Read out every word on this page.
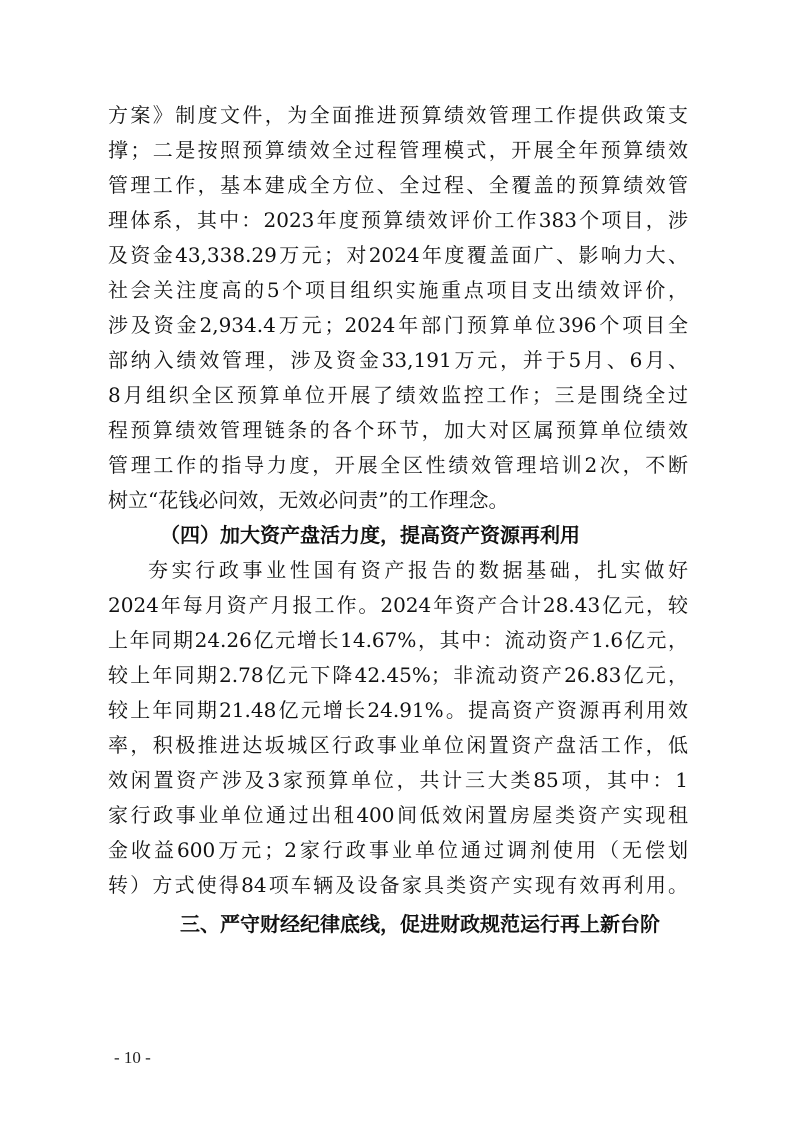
方案》制度文件，为全面推进预算绩效管理工作提供政策支
撑；二是按照预算绩效全过程管理模式，开展全年预算绩效
管理工作，基本建成全方位、全过程、全覆盖的预算绩效管
理体系，其中：2023年度预算绩效评价工作383个项目，涉
及资金43,338.29万元；对2024年度覆盖面广、影响力大、
社会关注度高的5个项目组织实施重点项目支出绩效评价，
涉及资金2,934.4万元；2024年部门预算单位396个项目全
部纳入绩效管理，涉及资金33,191万元，并于5月、6月、
8月组织全区预算单位开展了绩效监控工作；三是围绕全过
程预算绩效管理链条的各个环节，加大对区属预算单位绩效
管理工作的指导力度，开展全区性绩效管理培训2次，不断
树立“花钱必问效，无效必问责”的工作理念。
（四）加大资产盘活力度，提高资产资源再利用
夯实行政事业性国有资产报告的数据基础，扎实做好
2024年每月资产月报工作。2024年资产合计28.43亿元，较
上年同期24.26亿元增长14.67%，其中：流动资产1.6亿元，
较上年同期2.78亿元下降42.45%；非流动资产26.83亿元，
较上年同期21.48亿元增长24.91%。提高资产资源再利用效
率，积极推进达坂城区行政事业单位闲置资产盘活工作，低
效闲置资产涉及3家预算单位，共计三大类85项，其中：1
家行政事业单位通过出租400间低效闲置房屋类资产实现租
金收益600万元；2家行政事业单位通过调剂使用（无偿划
转）方式使得84项车辆及设备家具类资产实现有效再利用。
三、严守财经纪律底线，促进财政规范运行再上新台阶
- 10 -
